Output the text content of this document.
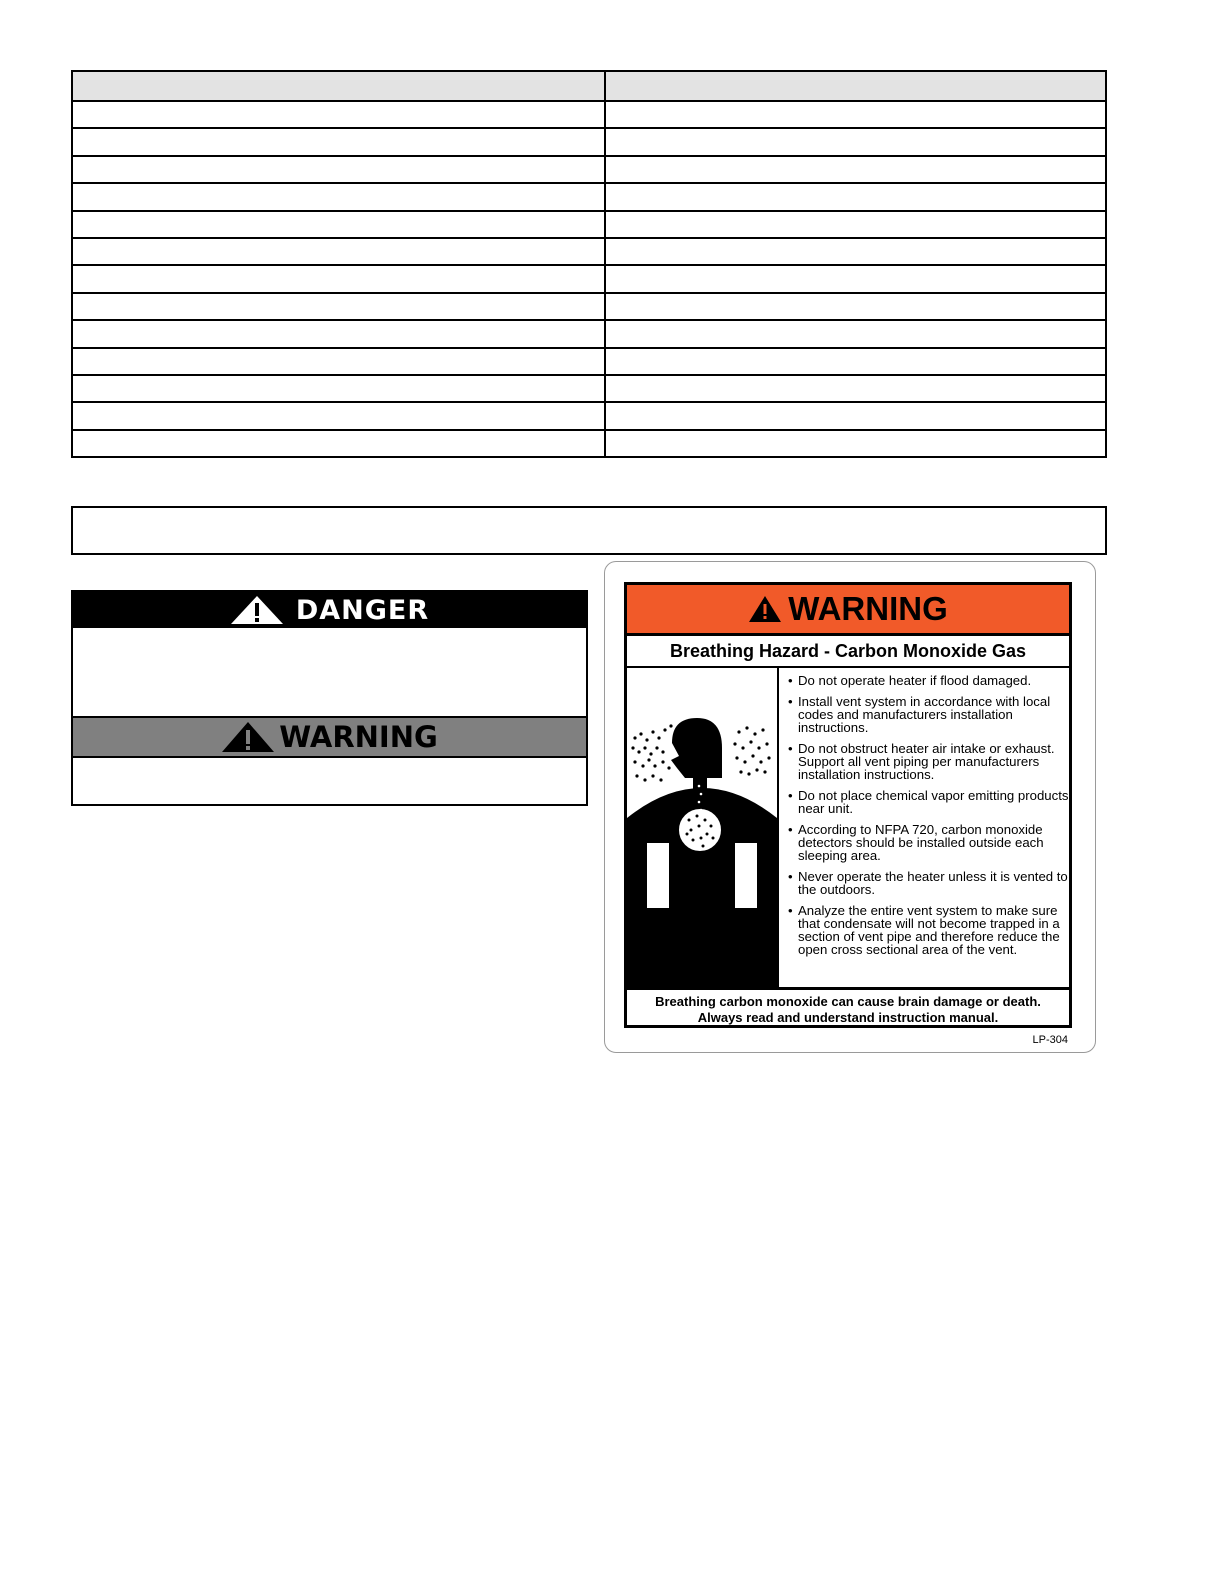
DANGER
WARNING
WARNING
Breathing Hazard - Carbon Monoxide Gas
• Do not operate heater if flood damaged.
• Install vent system in accordance with local codes and manufacturers installation instructions.
• Do not obstruct heater air intake or exhaust. Support all vent piping per manufacturers installation instructions.
• Do not place chemical vapor emitting products near unit.
• According to NFPA 720, carbon monoxide detectors should be installed outside each sleeping area.
• Never operate the heater unless it is vented to the outdoors.
• Analyze the entire vent system to make sure that condensate will not become trapped in a section of vent pipe and therefore reduce the open cross sectional area of the vent.
Breathing carbon monoxide can cause brain damage or death.
Always read and understand instruction manual.
LP-304
